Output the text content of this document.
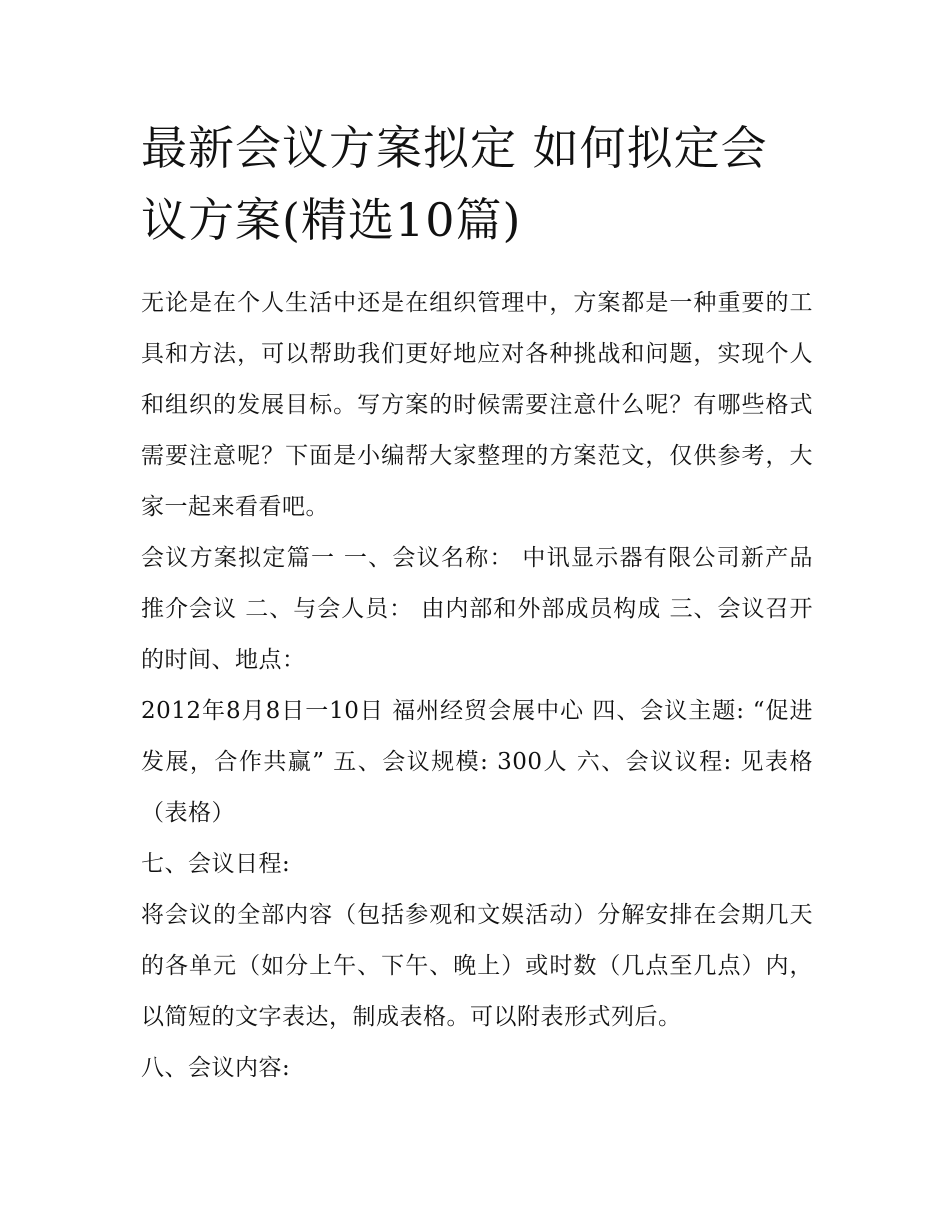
最新会议方案拟定 如何拟定会议方案(精选10篇)

无论是在个人生活中还是在组织管理中，方案都是一种重要的工具和方法，可以帮助我们更好地应对各种挑战和问题，实现个人和组织的发展目标。写方案的时候需要注意什么呢？有哪些格式需要注意呢？下面是小编帮大家整理的方案范文，仅供参考，大家一起来看看吧。

会议方案拟定篇一 一、会议名称： 中讯显示器有限公司新产品推介会议 二、与会人员： 由内部和外部成员构成 三、会议召开的时间、地点：

2012年8月8日一10日 福州经贸会展中心 四、会议主题: “促进发展，合作共赢” 五、会议规模: 300人 六、会议议程: 见表格（表格）

七、会议日程:

将会议的全部内容（包括参观和文娱活动）分解安排在会期几天的各单元（如分上午、下午、晚上）或时数（几点至几点）内，以简短的文字表达，制成表格。可以附表形式列后。

八、会议内容:
